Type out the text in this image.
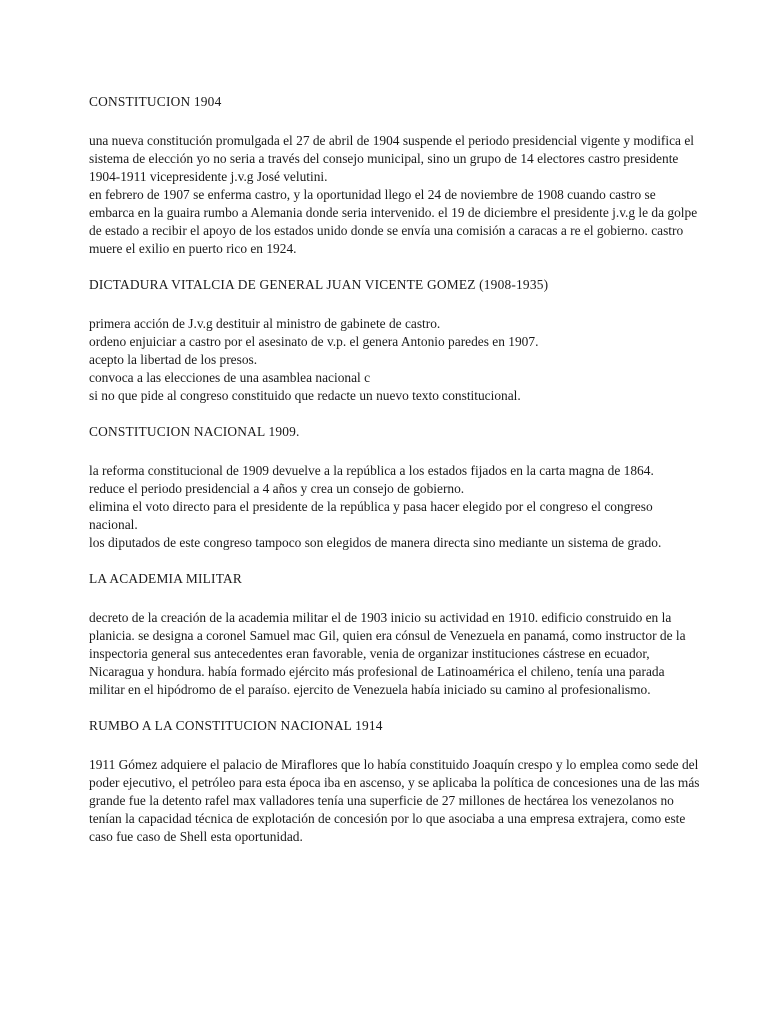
CONSTITUCION 1904

una nueva constitución promulgada el 27 de abril de 1904 suspende el periodo presidencial vigente y modifica el sistema de elección yo no seria a través del consejo municipal, sino un grupo de 14 electores castro presidente 1904-1911 vicepresidente j.v.g José velutini.

en febrero de 1907 se enferma castro, y la oportunidad llego el 24 de noviembre de 1908 cuando castro se embarca en la guaira rumbo a Alemania donde seria intervenido. el 19 de diciembre el presidente j.v.g le da golpe de estado a recibir el apoyo de los estados unido donde se envía una comisión a caracas a re el gobierno. castro muere el exilio en puerto rico en 1924.

DICTADURA VITALCIA DE GENERAL JUAN VICENTE GOMEZ (1908-1935)

primera acción de J.v.g destituir al ministro de gabinete de castro.

ordeno enjuiciar a castro por el asesinato de v.p. el genera Antonio paredes en 1907.

acepto la libertad de los presos.

convoca a las elecciones de una asamblea nacional c

si no que pide al congreso constituido que redacte un nuevo texto constitucional.

CONSTITUCION NACIONAL 1909.

la reforma constitucional de 1909 devuelve a la república a los estados fijados en la carta magna de 1864.

reduce el periodo presidencial a 4 años y crea un consejo de gobierno.

elimina el voto directo para el presidente de la república y pasa hacer elegido por el congreso el congreso nacional.

los diputados de este congreso tampoco son elegidos de manera directa sino mediante un sistema de grado.

LA ACADEMIA MILITAR

decreto de la creación de la academia militar el de 1903 inicio su actividad en 1910. edificio construido en la planicia. se designa a coronel Samuel mac Gil, quien era cónsul de Venezuela en panamá, como instructor de la inspectoria general sus antecedentes eran favorable, venia de organizar instituciones cástrese en ecuador, Nicaragua y hondura. había formado ejército más profesional de Latinoamérica el chileno, tenía una parada militar en el hipódromo de el paraíso. ejercito de Venezuela había iniciado su camino al profesionalismo.

RUMBO A LA CONSTITUCION NACIONAL 1914

1911 Gómez adquiere el palacio de Miraflores que lo había constituido Joaquín crespo y lo emplea como sede del poder ejecutivo, el petróleo para esta época iba en ascenso, y se aplicaba la política de concesiones una de las más grande fue la detento rafel max valladores tenía una superficie de 27 millones de hectárea los venezolanos no tenían la capacidad técnica de explotación de concesión por lo que asociaba a una empresa extrajera, como este caso fue caso de Shell esta oportunidad.
